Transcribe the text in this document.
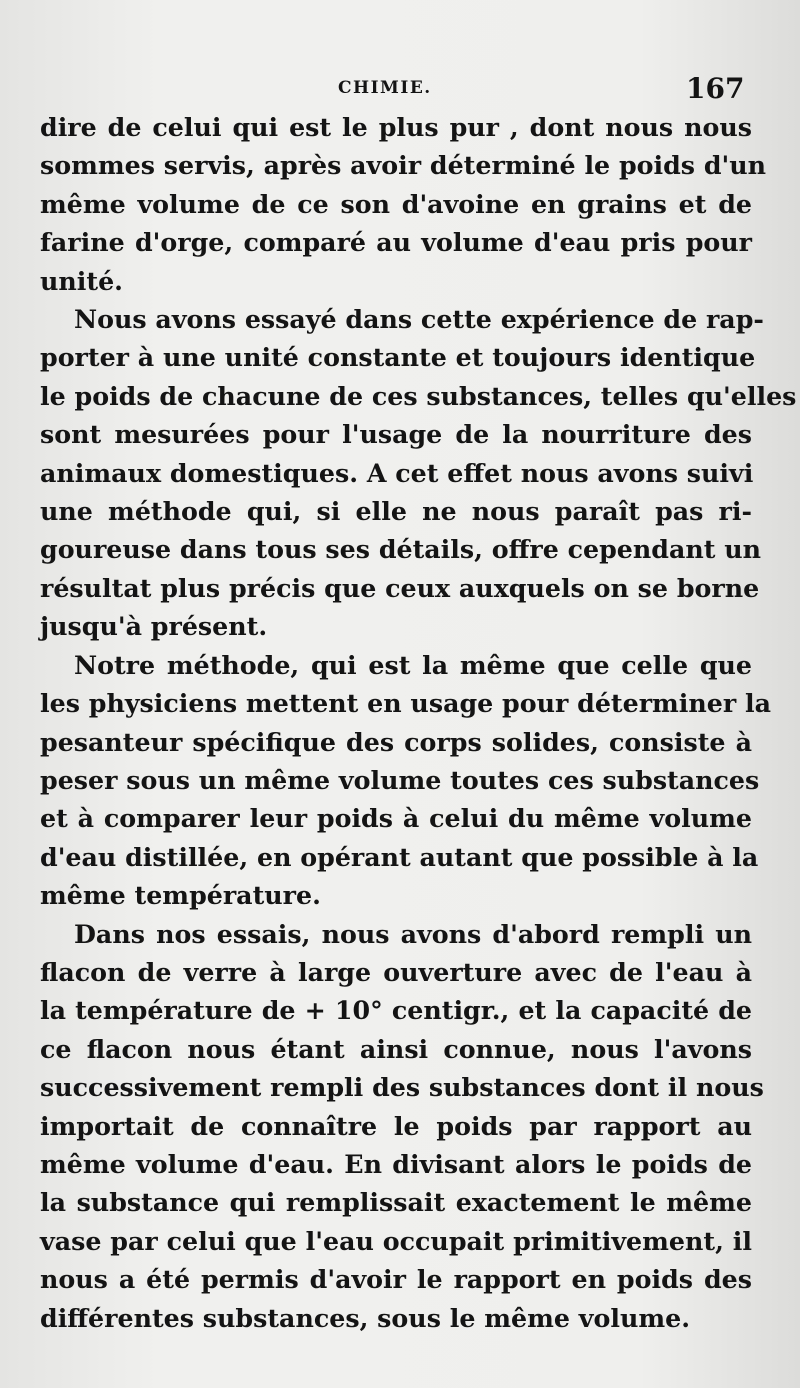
CHIMIE.	167

dire de celui qui est le plus pur , dont nous nous
sommes servis, après avoir déterminé le poids d'un
même volume de ce son d'avoine en grains et de
farine d'orge, comparé au volume d'eau pris pour
unité.

Nous avons essayé dans cette expérience de rap-
porter à une unité constante et toujours identique
le poids de chacune de ces substances, telles qu'elles
sont mesurées pour l'usage de la nourriture des
animaux domestiques. A cet effet nous avons suivi
une méthode qui, si elle ne nous paraît pas ri-
goureuse dans tous ses détails, offre cependant un
résultat plus précis que ceux auxquels on se borne
jusqu'à présent.

Notre méthode, qui est la même que celle que
les physiciens mettent en usage pour déterminer la
pesanteur spécifique des corps solides, consiste à
peser sous un même volume toutes ces substances
et à comparer leur poids à celui du même volume
d'eau distillée, en opérant autant que possible à la
même température.

Dans nos essais, nous avons d'abord rempli un
flacon de verre à large ouverture avec de l'eau à
la température de + 10° centigr., et la capacité de
ce flacon nous étant ainsi connue, nous l'avons
successivement rempli des substances dont il nous
importait de connaître le poids par rapport au
même volume d'eau. En divisant alors le poids de
la substance qui remplissait exactement le même
vase par celui que l'eau occupait primitivement, il
nous a été permis d'avoir le rapport en poids des
différentes substances, sous le même volume.
